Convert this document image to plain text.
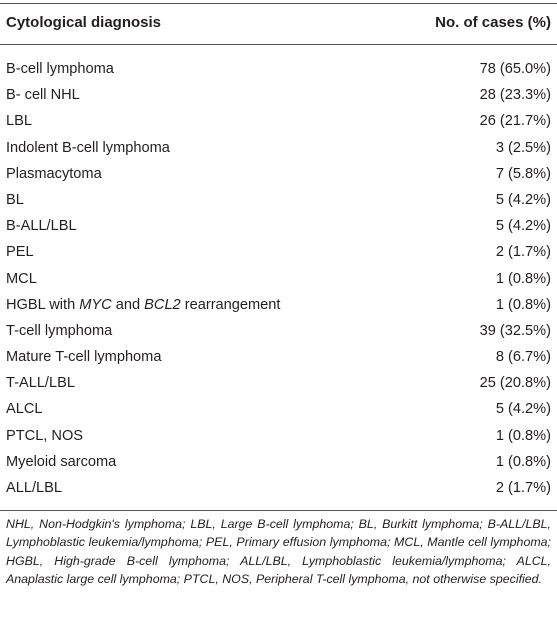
Cytological diagnosis	No. of cases (%)
B-cell lymphoma	78 (65.0%)
B- cell NHL	28 (23.3%)
LBL	26 (21.7%)
Indolent B-cell lymphoma	3 (2.5%)
Plasmacytoma	7 (5.8%)
BL	5 (4.2%)
B-ALL/LBL	5 (4.2%)
PEL	2 (1.7%)
MCL	1 (0.8%)
HGBL with MYC and BCL2 rearrangement	1 (0.8%)
T-cell lymphoma	39 (32.5%)
Mature T-cell lymphoma	8 (6.7%)
T-ALL/LBL	25 (20.8%)
ALCL	5 (4.2%)
PTCL, NOS	1 (0.8%)
Myeloid sarcoma	1 (0.8%)
ALL/LBL	2 (1.7%)
NHL, Non-Hodgkin's lymphoma; LBL, Large B-cell lymphoma; BL, Burkitt lymphoma; B-ALL/LBL, Lymphoblastic leukemia/lymphoma; PEL, Primary effusion lymphoma; MCL, Mantle cell lymphoma; HGBL, High-grade B-cell lymphoma; ALL/LBL, Lymphoblastic leukemia/lymphoma; ALCL, Anaplastic large cell lymphoma; PTCL, NOS, Peripheral T-cell lymphoma, not otherwise specified.
